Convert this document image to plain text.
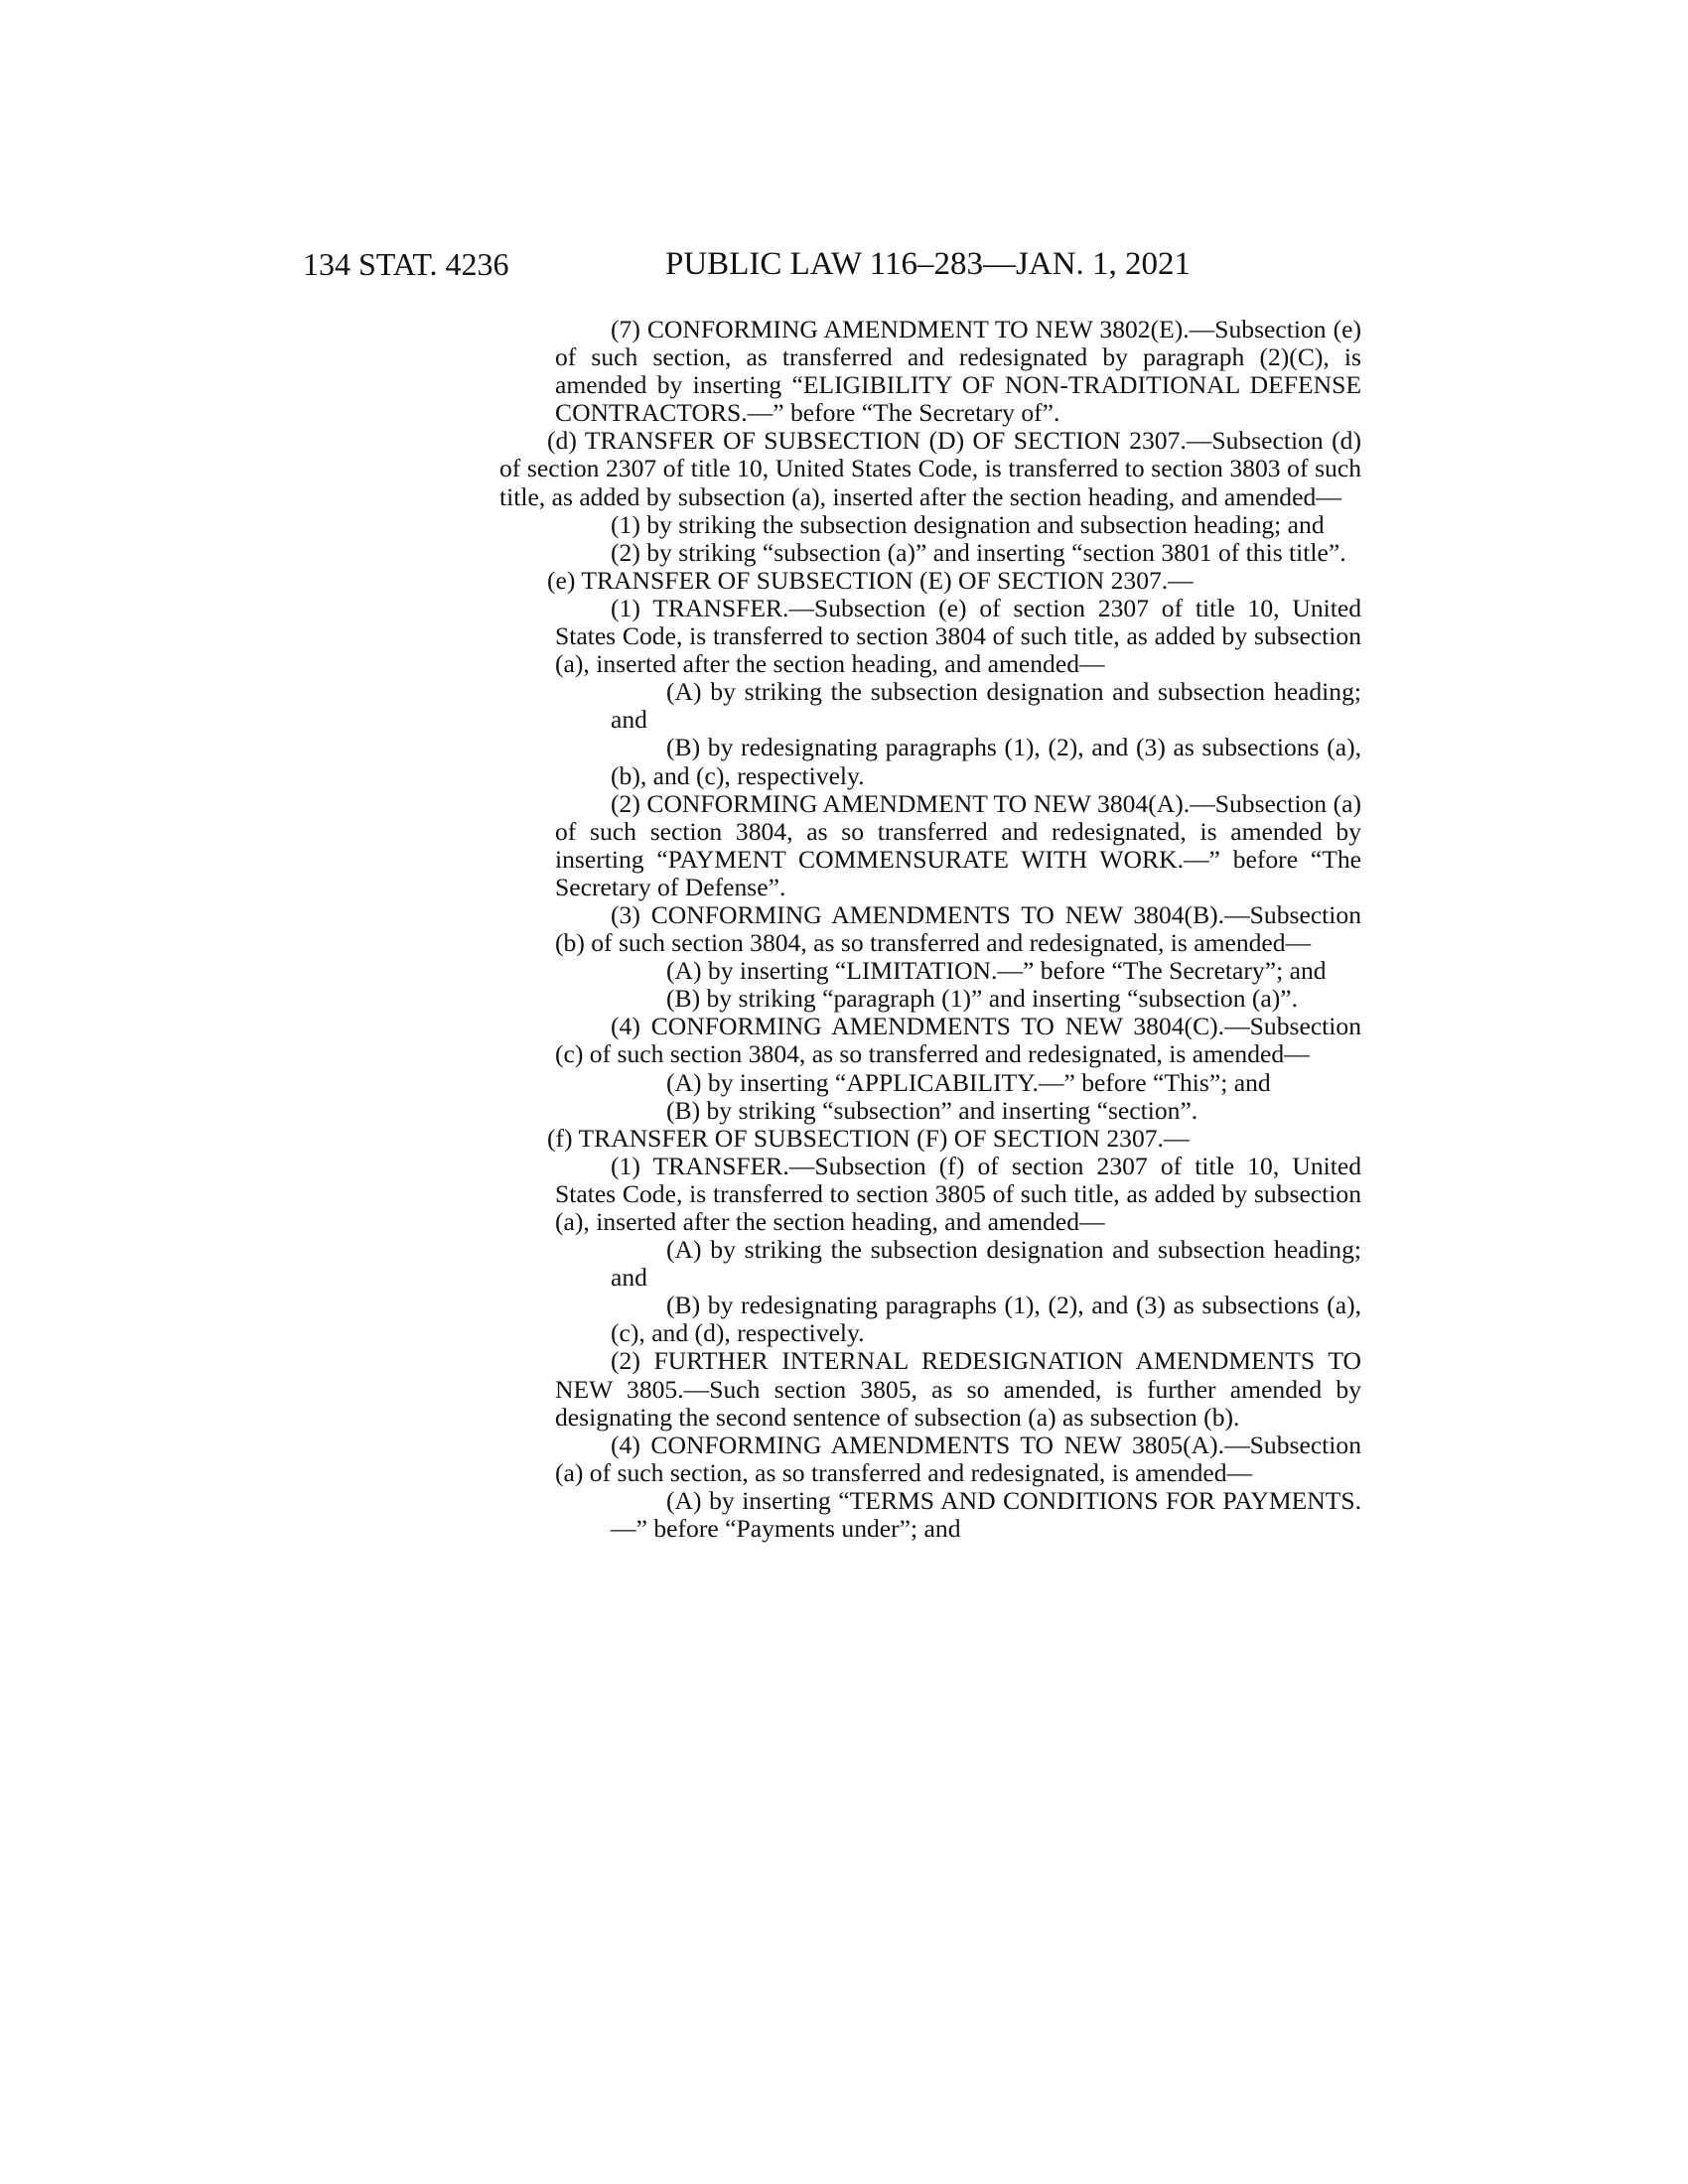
134 STAT. 4236	PUBLIC LAW 116–283—JAN. 1, 2021

(7) CONFORMING AMENDMENT TO NEW 3802(E).—Subsection (e) of such section, as transferred and redesignated by paragraph (2)(C), is amended by inserting “ELIGIBILITY OF NON-TRADITIONAL DEFENSE CONTRACTORS.—” before “The Secretary of”.

(d) TRANSFER OF SUBSECTION (D) OF SECTION 2307.—Subsection (d) of section 2307 of title 10, United States Code, is transferred to section 3803 of such title, as added by subsection (a), inserted after the section heading, and amended—

(1) by striking the subsection designation and subsection heading; and

(2) by striking “subsection (a)” and inserting “section 3801 of this title”.

(e) TRANSFER OF SUBSECTION (E) OF SECTION 2307.—

(1) TRANSFER.—Subsection (e) of section 2307 of title 10, United States Code, is transferred to section 3804 of such title, as added by subsection (a), inserted after the section heading, and amended—

(A) by striking the subsection designation and subsection heading; and

(B) by redesignating paragraphs (1), (2), and (3) as subsections (a), (b), and (c), respectively.

(2) CONFORMING AMENDMENT TO NEW 3804(A).—Subsection (a) of such section 3804, as so transferred and redesignated, is amended by inserting “PAYMENT COMMENSURATE WITH WORK.—” before “The Secretary of Defense”.

(3) CONFORMING AMENDMENTS TO NEW 3804(B).—Subsection (b) of such section 3804, as so transferred and redesignated, is amended—

(A) by inserting “LIMITATION.—” before “The Secretary”; and

(B) by striking “paragraph (1)” and inserting “subsection (a)”.

(4) CONFORMING AMENDMENTS TO NEW 3804(C).—Subsection (c) of such section 3804, as so transferred and redesignated, is amended—

(A) by inserting “APPLICABILITY.—” before “This”; and

(B) by striking “subsection” and inserting “section”.

(f) TRANSFER OF SUBSECTION (F) OF SECTION 2307.—

(1) TRANSFER.—Subsection (f) of section 2307 of title 10, United States Code, is transferred to section 3805 of such title, as added by subsection (a), inserted after the section heading, and amended—

(A) by striking the subsection designation and subsection heading; and

(B) by redesignating paragraphs (1), (2), and (3) as subsections (a), (c), and (d), respectively.

(2) FURTHER INTERNAL REDESIGNATION AMENDMENTS TO NEW 3805.—Such section 3805, as so amended, is further amended by designating the second sentence of subsection (a) as subsection (b).

(4) CONFORMING AMENDMENTS TO NEW 3805(A).—Subsection (a) of such section, as so transferred and redesignated, is amended—

(A) by inserting “TERMS AND CONDITIONS FOR PAYMENTS.—” before “Payments under”; and
